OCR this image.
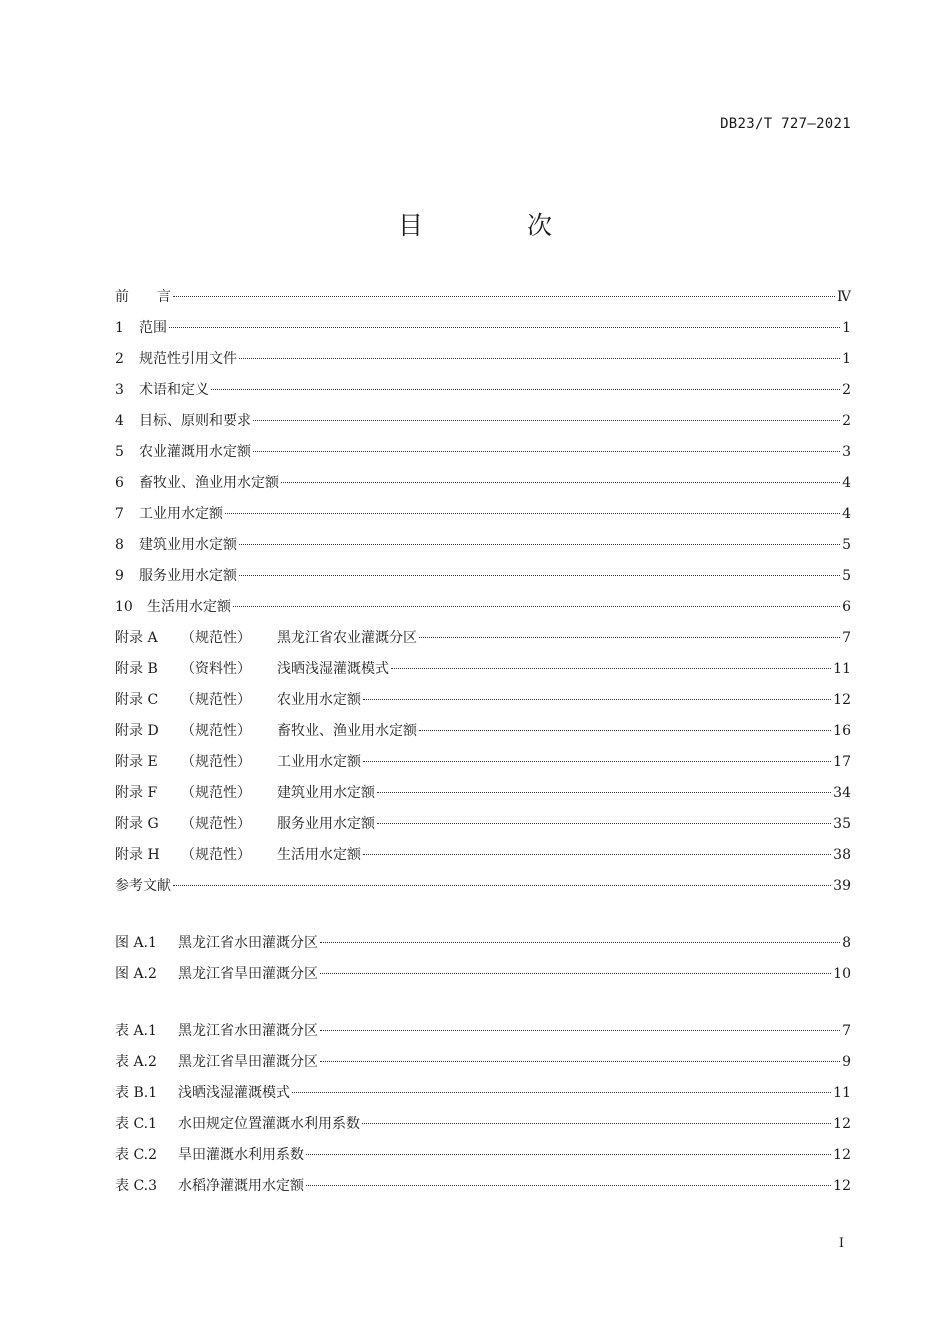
DB23/T 727—2021
目 次
前　　言	Ⅳ
1	范围	1
2	规范性引用文件	1
3	术语和定义	2
4	目标、原则和要求	2
5	农业灌溉用水定额	3
6	畜牧业、渔业用水定额	4
7	工业用水定额	4
8	建筑业用水定额	5
9	服务业用水定额	5
10	生活用水定额	6
附录 A	（规范性）	黑龙江省农业灌溉分区	7
附录 B	（资料性）	浅晒浅湿灌溉模式	11
附录 C	（规范性）	农业用水定额	12
附录 D	（规范性）	畜牧业、渔业用水定额	16
附录 E	（规范性）	工业用水定额	17
附录 F	（规范性）	建筑业用水定额	34
附录 G	（规范性）	服务业用水定额	35
附录 H	（规范性）	生活用水定额	38
参考文献	39
图 A.1	黑龙江省水田灌溉分区	8
图 A.2	黑龙江省旱田灌溉分区	10
表 A.1	黑龙江省水田灌溉分区	7
表 A.2	黑龙江省旱田灌溉分区	9
表 B.1	浅晒浅湿灌溉模式	11
表 C.1	水田规定位置灌溉水利用系数	12
表 C.2	旱田灌溉水利用系数	12
表 C.3	水稻净灌溉用水定额	12
I
